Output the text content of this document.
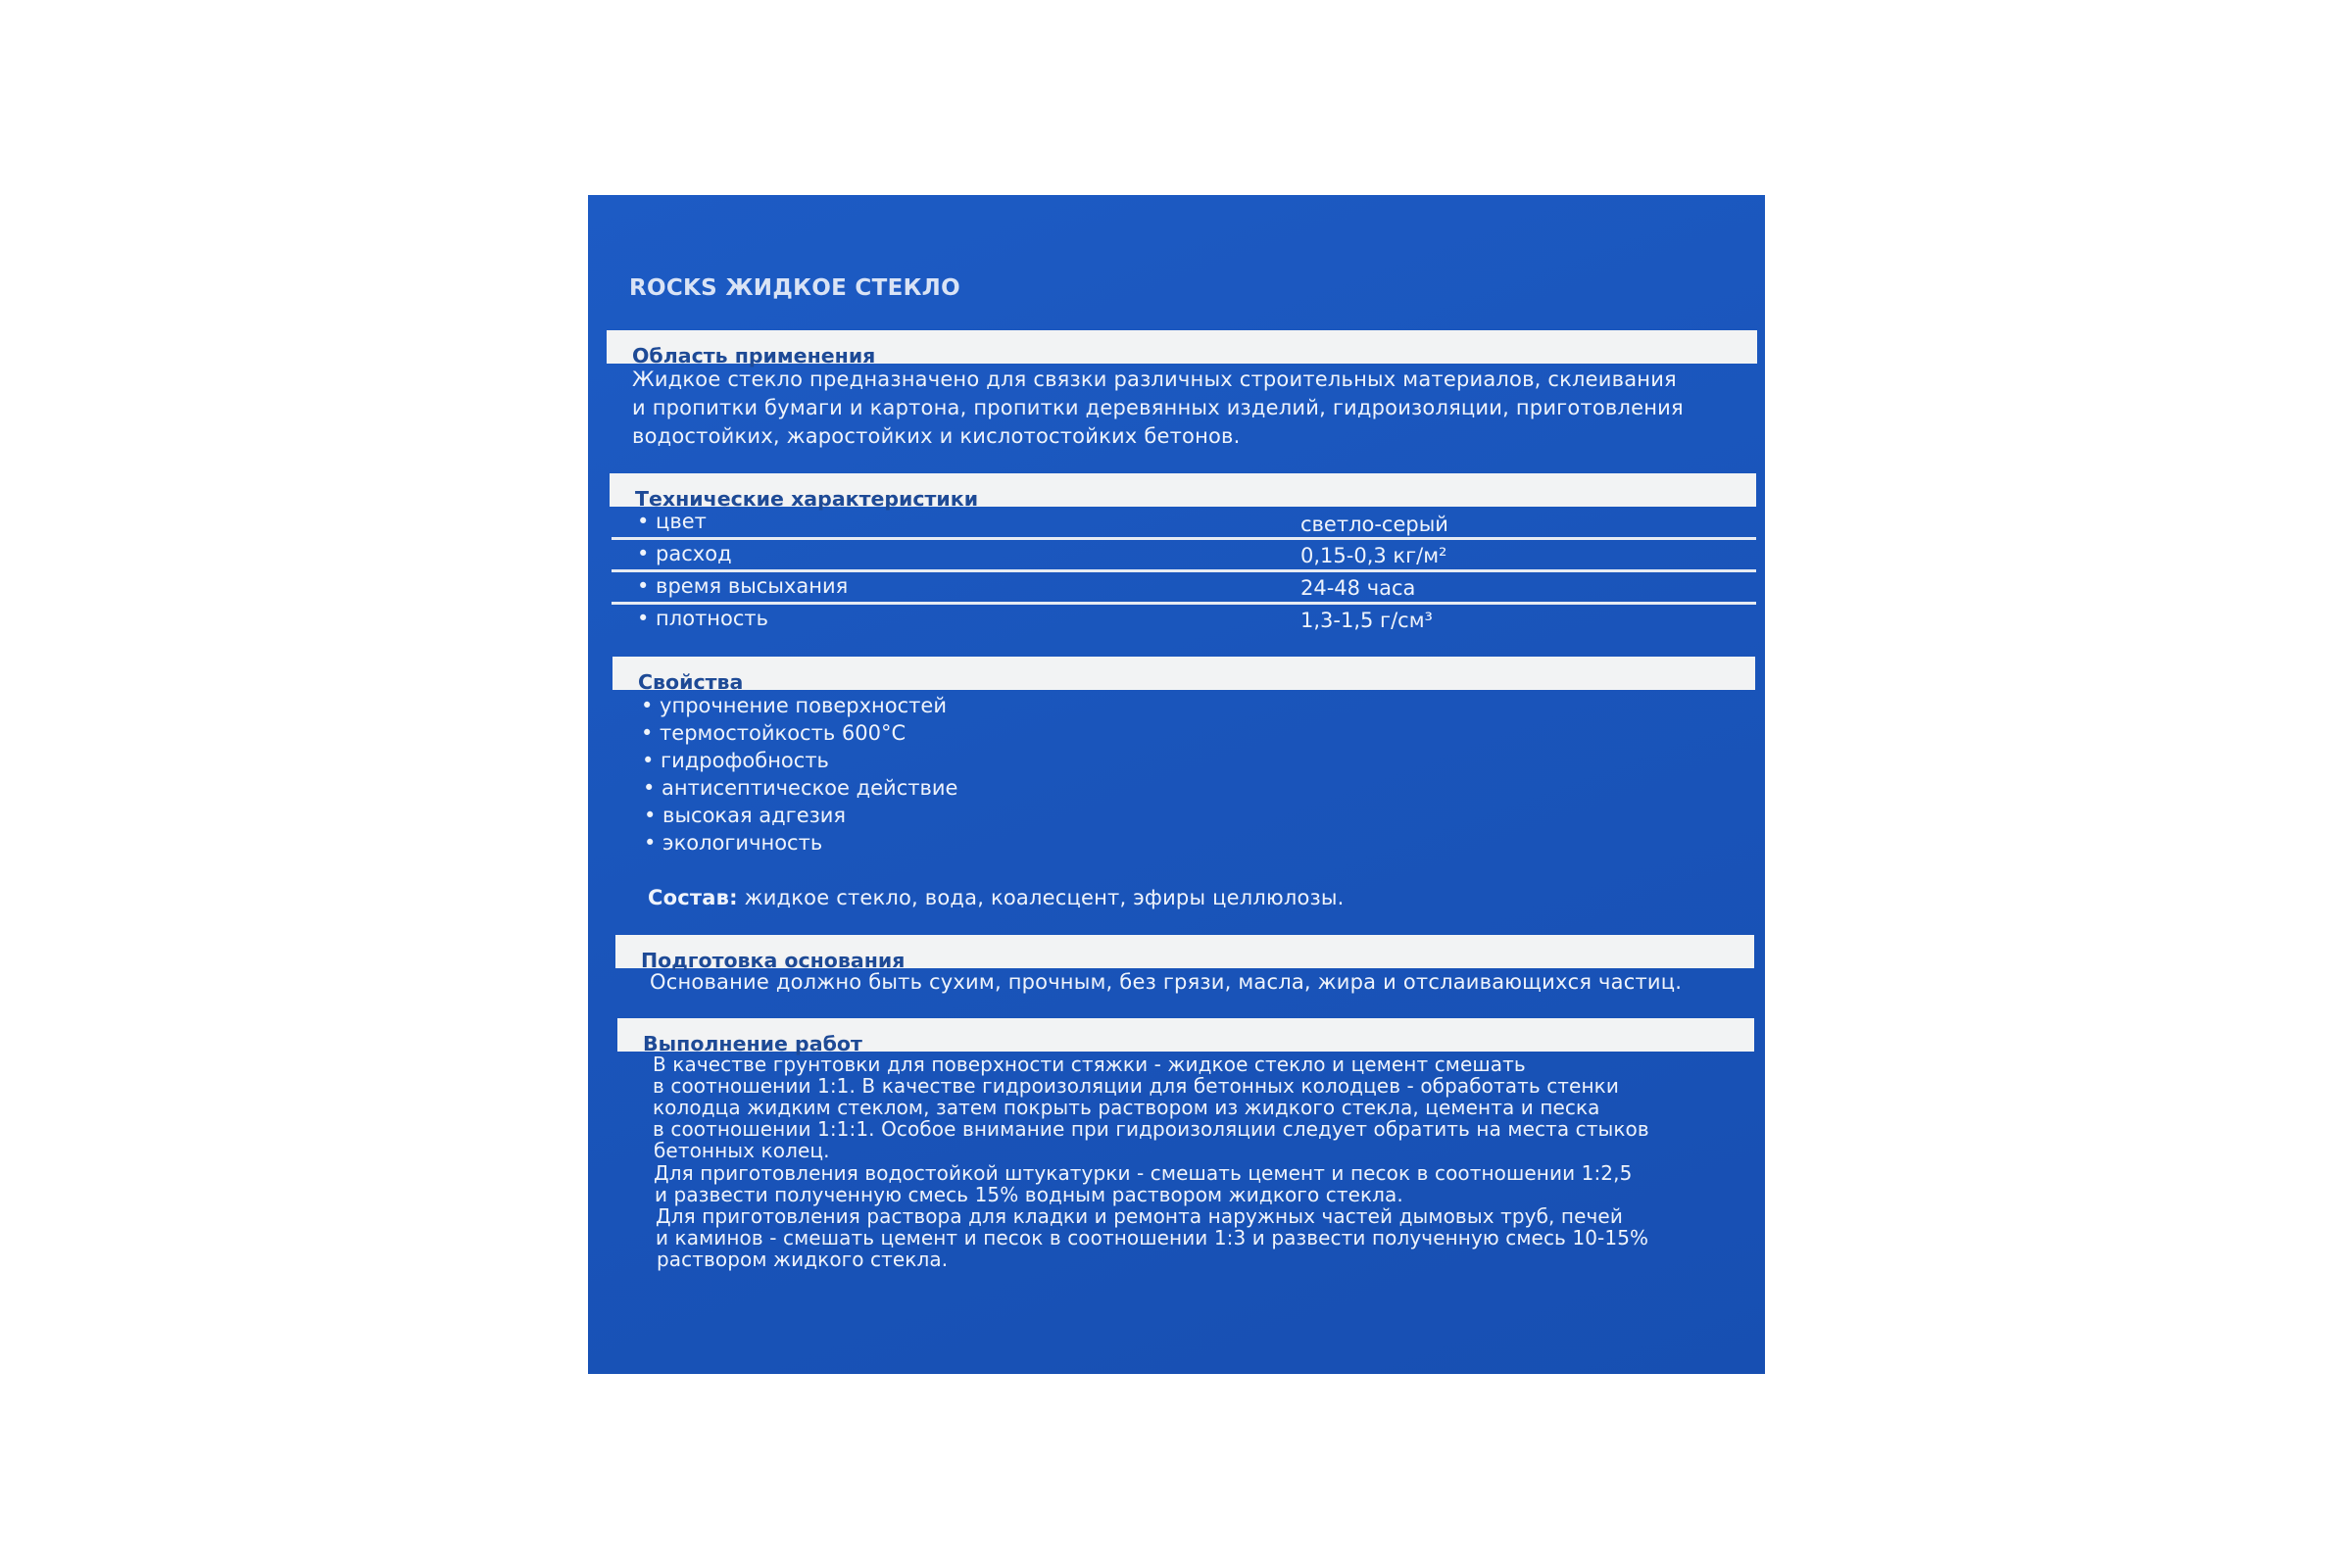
ROCKS ЖИДКОЕ СТЕКЛО
Область применения
Жидкое стекло предназначено для связки различных строительных материалов, склеивания
и пропитки бумаги и картона, пропитки деревянных изделий, гидроизоляции, приготовления
водостойких, жаростойких и кислотостойких бетонов.
Технические характеристики
• цвет	светло-серый
• расход	0,15-0,3 кг/м²
• время высыхания	24-48 часа
• плотность	1,3-1,5 г/см³
Свойства
• упрочнение поверхностей
• термостойкость 600°C
• гидрофобность
• антисептическое действие
• высокая адгезия
• экологичность
Состав: жидкое стекло, вода, коалесцент, эфиры целлюлозы.
Подготовка основания
Основание должно быть сухим, прочным, без грязи, масла, жира и отслаивающихся частиц.
Выполнение работ
В качестве грунтовки для поверхности стяжки - жидкое стекло и цемент смешать
в соотношении 1:1. В качестве гидроизоляции для бетонных колодцев - обработать стенки
колодца жидким стеклом, затем покрыть раствором из жидкого стекла, цемента и песка
в соотношении 1:1:1. Особое внимание при гидроизоляции следует обратить на места стыков
бетонных колец.
Для приготовления водостойкой штукатурки - смешать цемент и песок в соотношении 1:2,5
и развести полученную смесь 15% водным раствором жидкого стекла.
Для приготовления раствора для кладки и ремонта наружных частей дымовых труб, печей
и каминов - смешать цемент и песок в соотношении 1:3 и развести полученную смесь 10-15%
раствором жидкого стекла.
